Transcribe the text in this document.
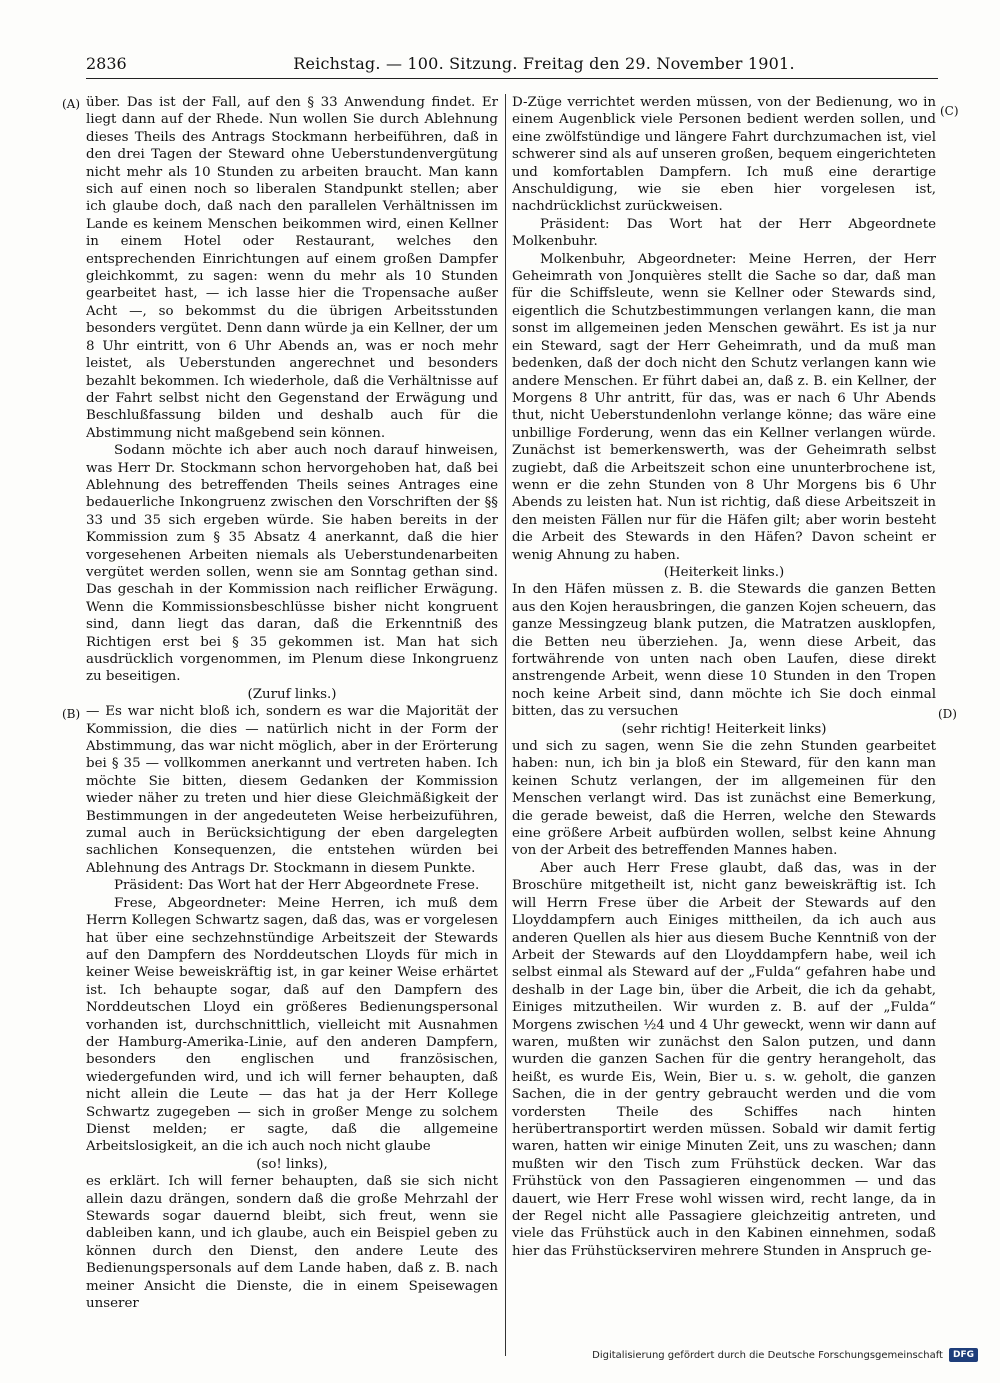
2836	Reichstag. — 100. Sitzung. Freitag den 29. November 1901.
(A)
(B)
(C)
(D)

über. Das ist der Fall, auf den § 33 Anwendung findet. Er liegt dann auf der Rhede. Nun wollen Sie durch Ablehnung dieses Theils des Antrags Stockmann herbeiführen, daß in den drei Tagen der Steward ohne Ueberstundenvergütung nicht mehr als 10 Stunden zu arbeiten braucht. Man kann sich auf einen noch so liberalen Standpunkt stellen; aber ich glaube doch, daß nach den parallelen Verhältnissen im Lande es keinem Menschen beikommen wird, einen Kellner in einem Hotel oder Restaurant, welches den entsprechenden Einrichtungen auf einem großen Dampfer gleichkommt, zu sagen: wenn du mehr als 10 Stunden gearbeitet hast, — ich lasse hier die Tropensache außer Acht —, so bekommst du die übrigen Arbeitsstunden besonders vergütet. Denn dann würde ja ein Kellner, der um 8 Uhr eintritt, von 6 Uhr Abends an, was er noch mehr leistet, als Ueberstunden angerechnet und besonders bezahlt bekommen. Ich wiederhole, daß die Verhältnisse auf der Fahrt selbst nicht den Gegenstand der Erwägung und Beschlußfassung bilden und deshalb auch für die Abstimmung nicht maßgebend sein können.

Sodann möchte ich aber auch noch darauf hinweisen, was Herr Dr. Stockmann schon hervorgehoben hat, daß bei Ablehnung des betreffenden Theils seines Antrages eine bedauerliche Inkongruenz zwischen den Vorschriften der §§ 33 und 35 sich ergeben würde. Sie haben bereits in der Kommission zum § 35 Absatz 4 anerkannt, daß die hier vorgesehenen Arbeiten niemals als Ueberstundenarbeiten vergütet werden sollen, wenn sie am Sonntag gethan sind. Das geschah in der Kommission nach reiflicher Erwägung. Wenn die Kommissionsbeschlüsse bisher nicht kongruent sind, dann liegt das daran, daß die Erkenntniß des Richtigen erst bei § 35 gekommen ist. Man hat sich ausdrücklich vorgenommen, im Plenum diese Inkongruenz zu beseitigen.

(Zuruf links.)

— Es war nicht bloß ich, sondern es war die Majorität der Kommission, die dies — natürlich nicht in der Form der Abstimmung, das war nicht möglich, aber in der Erörterung bei § 35 — vollkommen anerkannt und vertreten haben. Ich möchte Sie bitten, diesem Gedanken der Kommission wieder näher zu treten und hier diese Gleichmäßigkeit der Bestimmungen in der angedeuteten Weise herbeizuführen, zumal auch in Berücksichtigung der eben dargelegten sachlichen Konsequenzen, die entstehen würden bei Ablehnung des Antrags Dr. Stockmann in diesem Punkte.

Präsident: Das Wort hat der Herr Abgeordnete Frese.

Frese, Abgeordneter: Meine Herren, ich muß dem Herrn Kollegen Schwartz sagen, daß das, was er vorgelesen hat über eine sechzehnstündige Arbeitszeit der Stewards auf den Dampfern des Norddeutschen Lloyds für mich in keiner Weise beweiskräftig ist, in gar keiner Weise erhärtet ist. Ich behaupte sogar, daß auf den Dampfern des Norddeutschen Lloyd ein größeres Bedienungspersonal vorhanden ist, durchschnittlich, vielleicht mit Ausnahmen der Hamburg-Amerika-Linie, auf den anderen Dampfern, besonders den englischen und französischen, wiedergefunden wird, und ich will ferner behaupten, daß nicht allein die Leute — das hat ja der Herr Kollege Schwartz zugegeben — sich in großer Menge zu solchem Dienst melden; er sagte, daß die allgemeine Arbeitslosigkeit, an die ich auch noch nicht glaube

(so! links),

es erklärt. Ich will ferner behaupten, daß sie sich nicht allein dazu drängen, sondern daß die große Mehrzahl der Stewards sogar dauernd bleibt, sich freut, wenn sie dableiben kann, und ich glaube, auch ein Beispiel geben zu können durch den Dienst, den andere Leute des Bedienungspersonals auf dem Lande haben, daß z. B. nach meiner Ansicht die Dienste, die in einem Speisewagen unserer

D-Züge verrichtet werden müssen, von der Bedienung, wo in einem Augenblick viele Personen bedient werden sollen, und eine zwölfstündige und längere Fahrt durchzumachen ist, viel schwerer sind als auf unseren großen, bequem eingerichteten und komfortablen Dampfern. Ich muß eine derartige Anschuldigung, wie sie eben hier vorgelesen ist, nachdrücklichst zurückweisen.

Präsident: Das Wort hat der Herr Abgeordnete Molkenbuhr.

Molkenbuhr, Abgeordneter: Meine Herren, der Herr Geheimrath von Jonquières stellt die Sache so dar, daß man für die Schiffsleute, wenn sie Kellner oder Stewards sind, eigentlich die Schutzbestimmungen verlangen kann, die man sonst im allgemeinen jeden Menschen gewährt. Es ist ja nur ein Steward, sagt der Herr Geheimrath, und da muß man bedenken, daß der doch nicht den Schutz verlangen kann wie andere Menschen. Er führt dabei an, daß z. B. ein Kellner, der Morgens 8 Uhr antritt, für das, was er nach 6 Uhr Abends thut, nicht Ueberstundenlohn verlange könne; das wäre eine unbillige Forderung, wenn das ein Kellner verlangen würde. Zunächst ist bemerkenswerth, was der Geheimrath selbst zugiebt, daß die Arbeitszeit schon eine ununterbrochene ist, wenn er die zehn Stunden von 8 Uhr Morgens bis 6 Uhr Abends zu leisten hat. Nun ist richtig, daß diese Arbeitszeit in den meisten Fällen nur für die Häfen gilt; aber worin besteht die Arbeit des Stewards in den Häfen? Davon scheint er wenig Ahnung zu haben.

(Heiterkeit links.)

In den Häfen müssen z. B. die Stewards die ganzen Betten aus den Kojen herausbringen, die ganzen Kojen scheuern, das ganze Messingzeug blank putzen, die Matratzen ausklopfen, die Betten neu überziehen. Ja, wenn diese Arbeit, das fortwährende von unten nach oben Laufen, diese direkt anstrengende Arbeit, wenn diese 10 Stunden in den Tropen noch keine Arbeit sind, dann möchte ich Sie doch einmal bitten, das zu versuchen

(sehr richtig! Heiterkeit links)

und sich zu sagen, wenn Sie die zehn Stunden gearbeitet haben: nun, ich bin ja bloß ein Steward, für den kann man keinen Schutz verlangen, der im allgemeinen für den Menschen verlangt wird. Das ist zunächst eine Bemerkung, die gerade beweist, daß die Herren, welche den Stewards eine größere Arbeit aufbürden wollen, selbst keine Ahnung von der Arbeit des betreffenden Mannes haben.

Aber auch Herr Frese glaubt, daß das, was in der Broschüre mitgetheilt ist, nicht ganz beweiskräftig ist. Ich will Herrn Frese über die Arbeit der Stewards auf den Lloyddampfern auch Einiges mittheilen, da ich auch aus anderen Quellen als hier aus diesem Buche Kenntniß von der Arbeit der Stewards auf den Lloyddampfern habe, weil ich selbst einmal als Steward auf der „Fulda“ gefahren habe und deshalb in der Lage bin, über die Arbeit, die ich da gehabt, Einiges mitzutheilen. Wir wurden z. B. auf der „Fulda“ Morgens zwischen ½4 und 4 Uhr geweckt, wenn wir dann auf waren, mußten wir zunächst den Salon putzen, und dann wurden die ganzen Sachen für die gentry herangeholt, das heißt, es wurde Eis, Wein, Bier u. s. w. geholt, die ganzen Sachen, die in der gentry gebraucht werden und die vom vordersten Theile des Schiffes nach hinten herübertransportirt werden müssen. Sobald wir damit fertig waren, hatten wir einige Minuten Zeit, uns zu waschen; dann mußten wir den Tisch zum Frühstück decken. War das Frühstück von den Passagieren eingenommen — und das dauert, wie Herr Frese wohl wissen wird, recht lange, da in der Regel nicht alle Passagiere gleichzeitig antreten, und viele das Frühstück auch in den Kabinen einnehmen, sodaß hier das Frühstückserviren mehrere Stunden in Anspruch ge-

Digitalisierung gefördert durch die Deutsche Forschungsgemeinschaft	DFG
